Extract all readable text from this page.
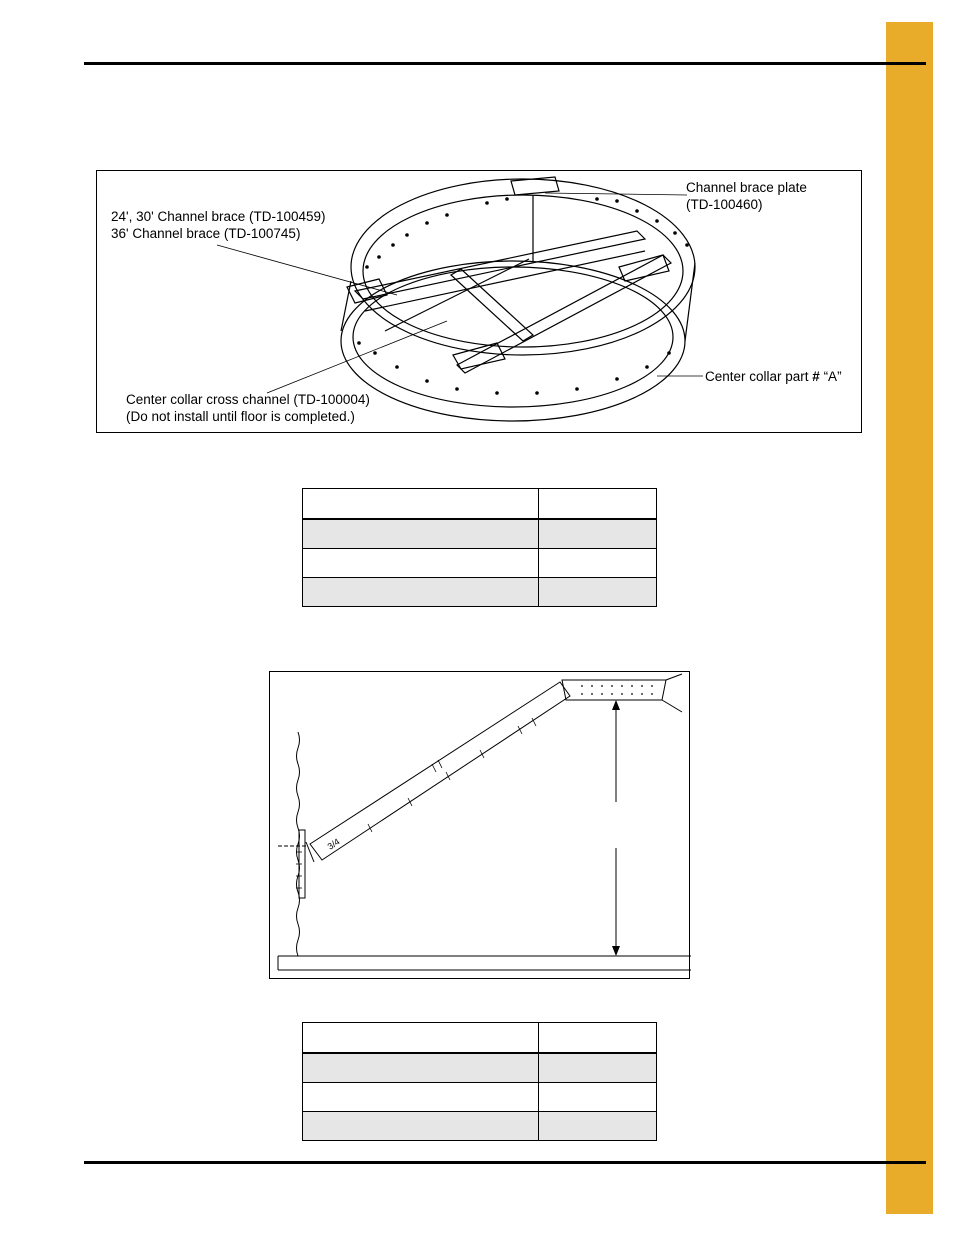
24', 30' Channel brace (TD-100459)
36' Channel brace (TD-100745)
Channel brace plate
(TD-100460)
Center collar cross channel (TD-100004)
(Do not install until floor is completed.)
Center collar part # “A”

3/4
